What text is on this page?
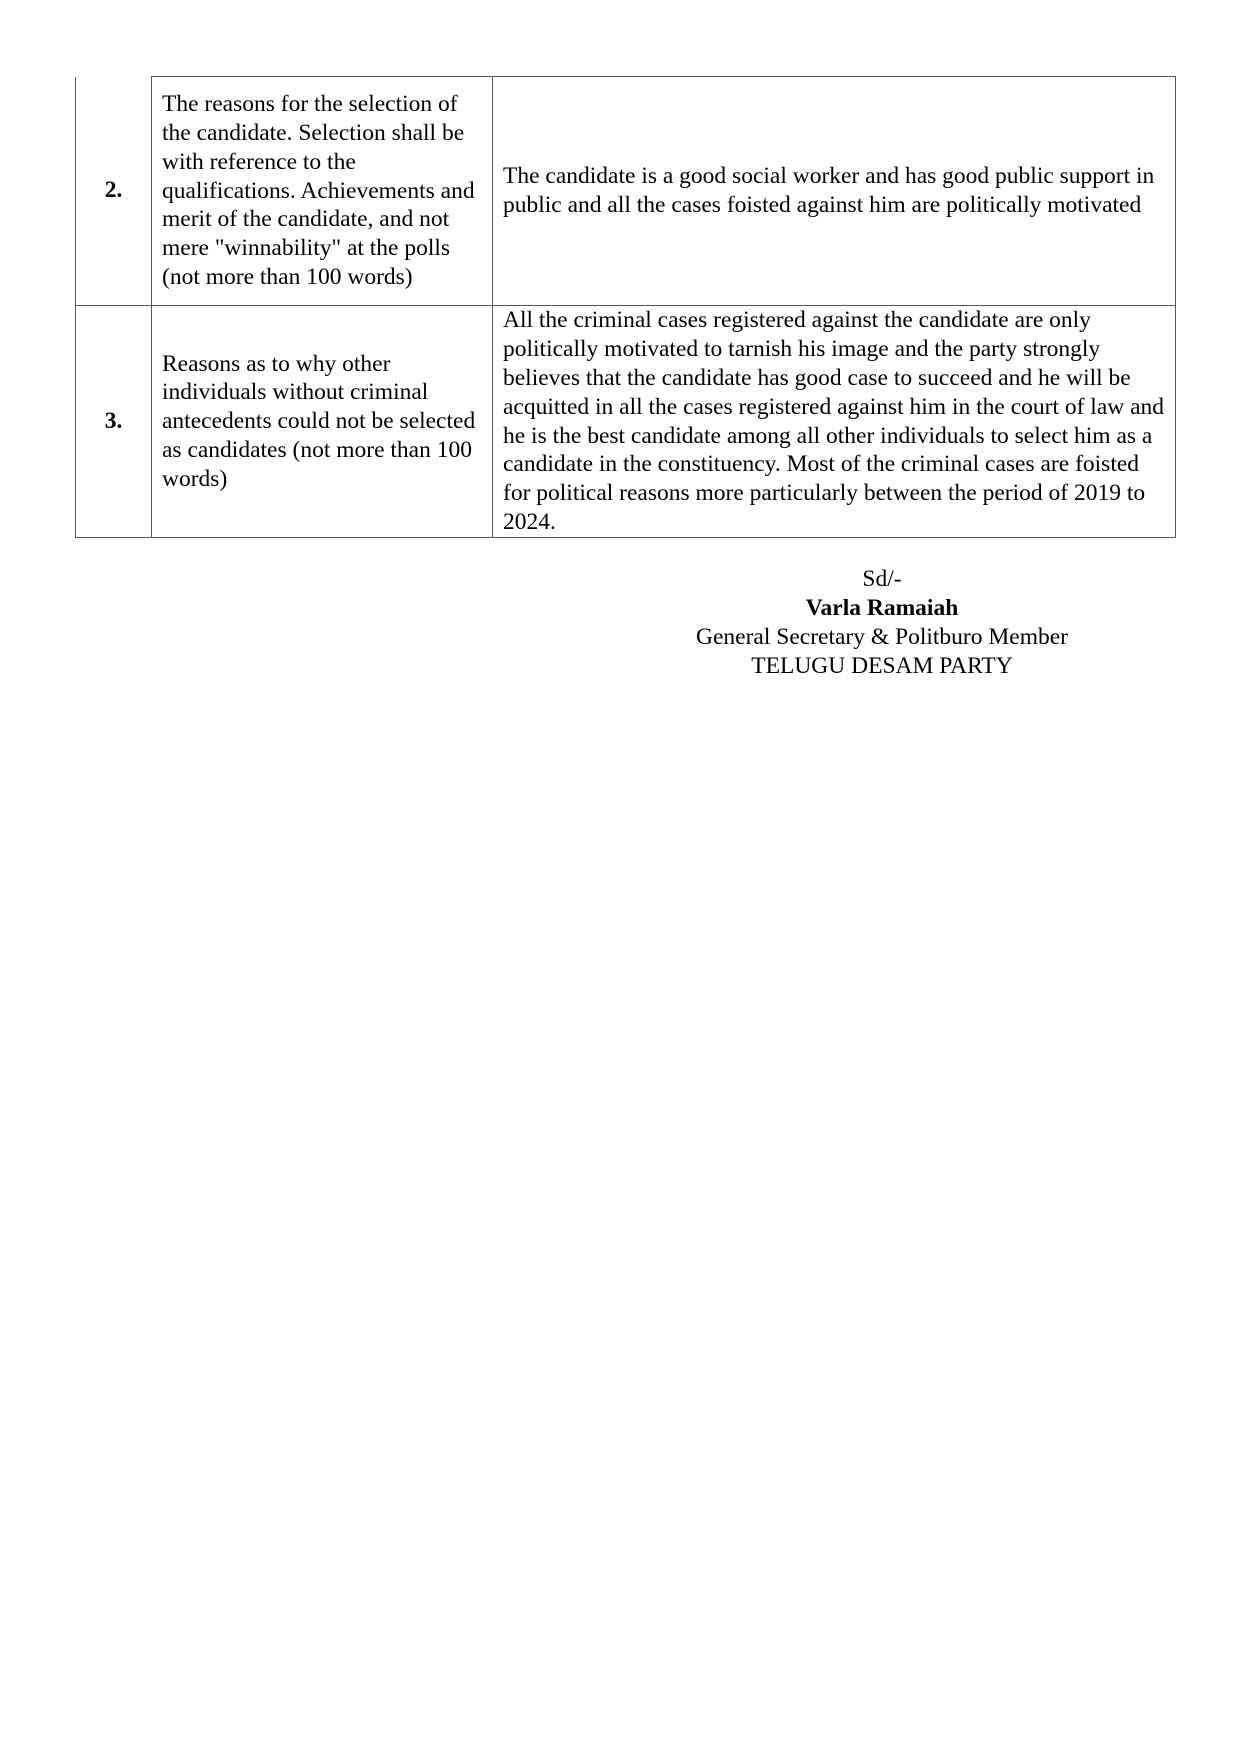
2.	The reasons for the selection of the candidate. Selection shall be with reference to the qualifications. Achievements and merit of the candidate, and not mere "winnability" at the polls (not more than 100 words)	The candidate is a good social worker and has good public support in public and all the cases foisted against him are politically motivated
3.	Reasons as to why other individuals without criminal antecedents could not be selected as candidates (not more than 100 words)	All the criminal cases registered against the candidate are only politically motivated to tarnish his image and the party strongly believes that the candidate has good case to succeed and he will be acquitted in all the cases registered against him in the court of law and he is the best candidate among all other individuals to select him as a candidate in the constituency. Most of the criminal cases are foisted for political reasons more particularly between the period of 2019 to 2024.
Sd/-
Varla Ramaiah
General Secretary & Politburo Member
TELUGU DESAM PARTY
